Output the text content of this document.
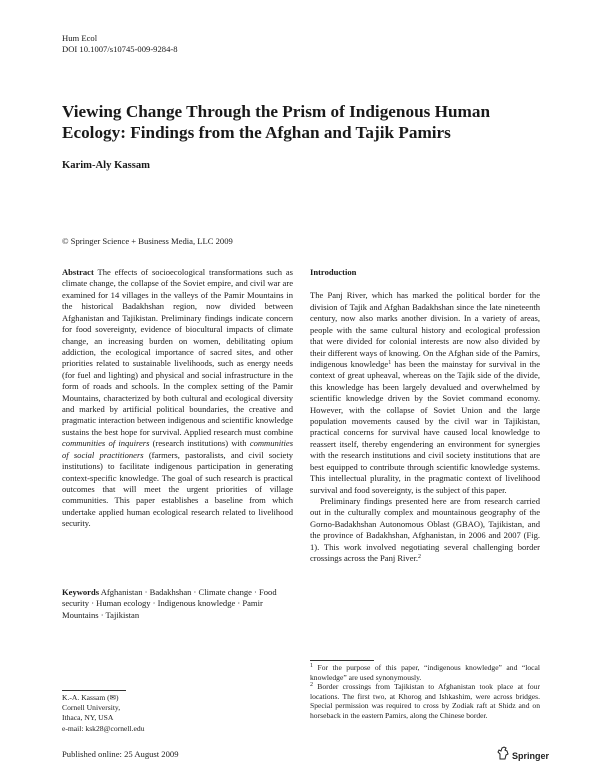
Hum Ecol
DOI 10.1007/s10745-009-9284-8
Viewing Change Through the Prism of Indigenous Human Ecology: Findings from the Afghan and Tajik Pamirs
Karim-Aly Kassam
© Springer Science + Business Media, LLC 2009

Abstract The effects of socioecological transformations such as climate change, the collapse of the Soviet empire, and civil war are examined for 14 villages in the valleys of the Pamir Mountains in the historical Badakhshan region, now divided between Afghanistan and Tajikistan. Preliminary findings indicate concern for food sovereignty, evidence of biocultural impacts of climate change, an increasing burden on women, debilitating opium addiction, the ecological importance of sacred sites, and other priorities related to sustainable livelihoods, such as energy needs (for fuel and lighting) and physical and social infrastructure in the form of roads and schools. In the complex setting of the Pamir Mountains, characterized by both cultural and ecological diversity and marked by artificial political boundaries, the creative and pragmatic interaction between indigenous and scientific knowledge sustains the best hope for survival. Applied research must combine communities of inquirers (research institutions) with communities of social practitioners (farmers, pastoralists, and civil society institutions) to facilitate indigenous participation in generating context-specific knowledge. The goal of such research is practical outcomes that will meet the urgent priorities of village communities. This paper establishes a baseline from which undertake applied human ecological research related to livelihood security.

Keywords Afghanistan · Badakhshan · Climate change · Food security · Human ecology · Indigenous knowledge · Pamir Mountains · Tajikistan
K.-A. Kassam (✉)
Cornell University,
Ithaca, NY, USA
e-mail: ksk28@cornell.edu

Introduction

The Panj River, which has marked the political border for the division of Tajik and Afghan Badakhshan since the late nineteenth century, now also marks another division. In a variety of areas, people with the same cultural history and ecological profession that were divided for colonial interests are now also divided by their different ways of knowing. On the Afghan side of the Pamirs, indigenous knowledge$^1$ has been the mainstay for survival in the context of great upheaval, whereas on the Tajik side of the divide, this knowledge has been largely devalued and overwhelmed by scientific knowledge driven by the Soviet command economy. However, with the collapse of Soviet Union and the large population movements caused by the civil war in Tajikistan, practical concerns for survival have caused local knowledge to reassert itself, thereby engendering an environment for synergies with the research institutions and civil society institutions that are best equipped to contribute through scientific knowledge systems. This intellectual plurality, in the pragmatic context of livelihood survival and food sovereignty, is the subject of this paper.

Preliminary findings presented here are from research carried out in the culturally complex and mountainous geography of the Gorno-Badakhshan Autonomous Oblast (GBAO), Tajikistan, and the province of Badakhshan, Afghanistan, in 2006 and 2007 (Fig. 1). This work involved negotiating several challenging border crossings across the Panj River.$^2$

$^1$ For the purpose of this paper, “indigenous knowledge” and “local knowledge” are used synonymously.

$^2$ Border crossings from Tajikistan to Afghanistan took place at four locations. The first two, at Khorog and Ishkashim, were across bridges. Special permission was required to cross by Zodiak raft at Shidz and on horseback in the eastern Pamirs, along the Chinese border.

Published online: 25 August 2009	Springer
